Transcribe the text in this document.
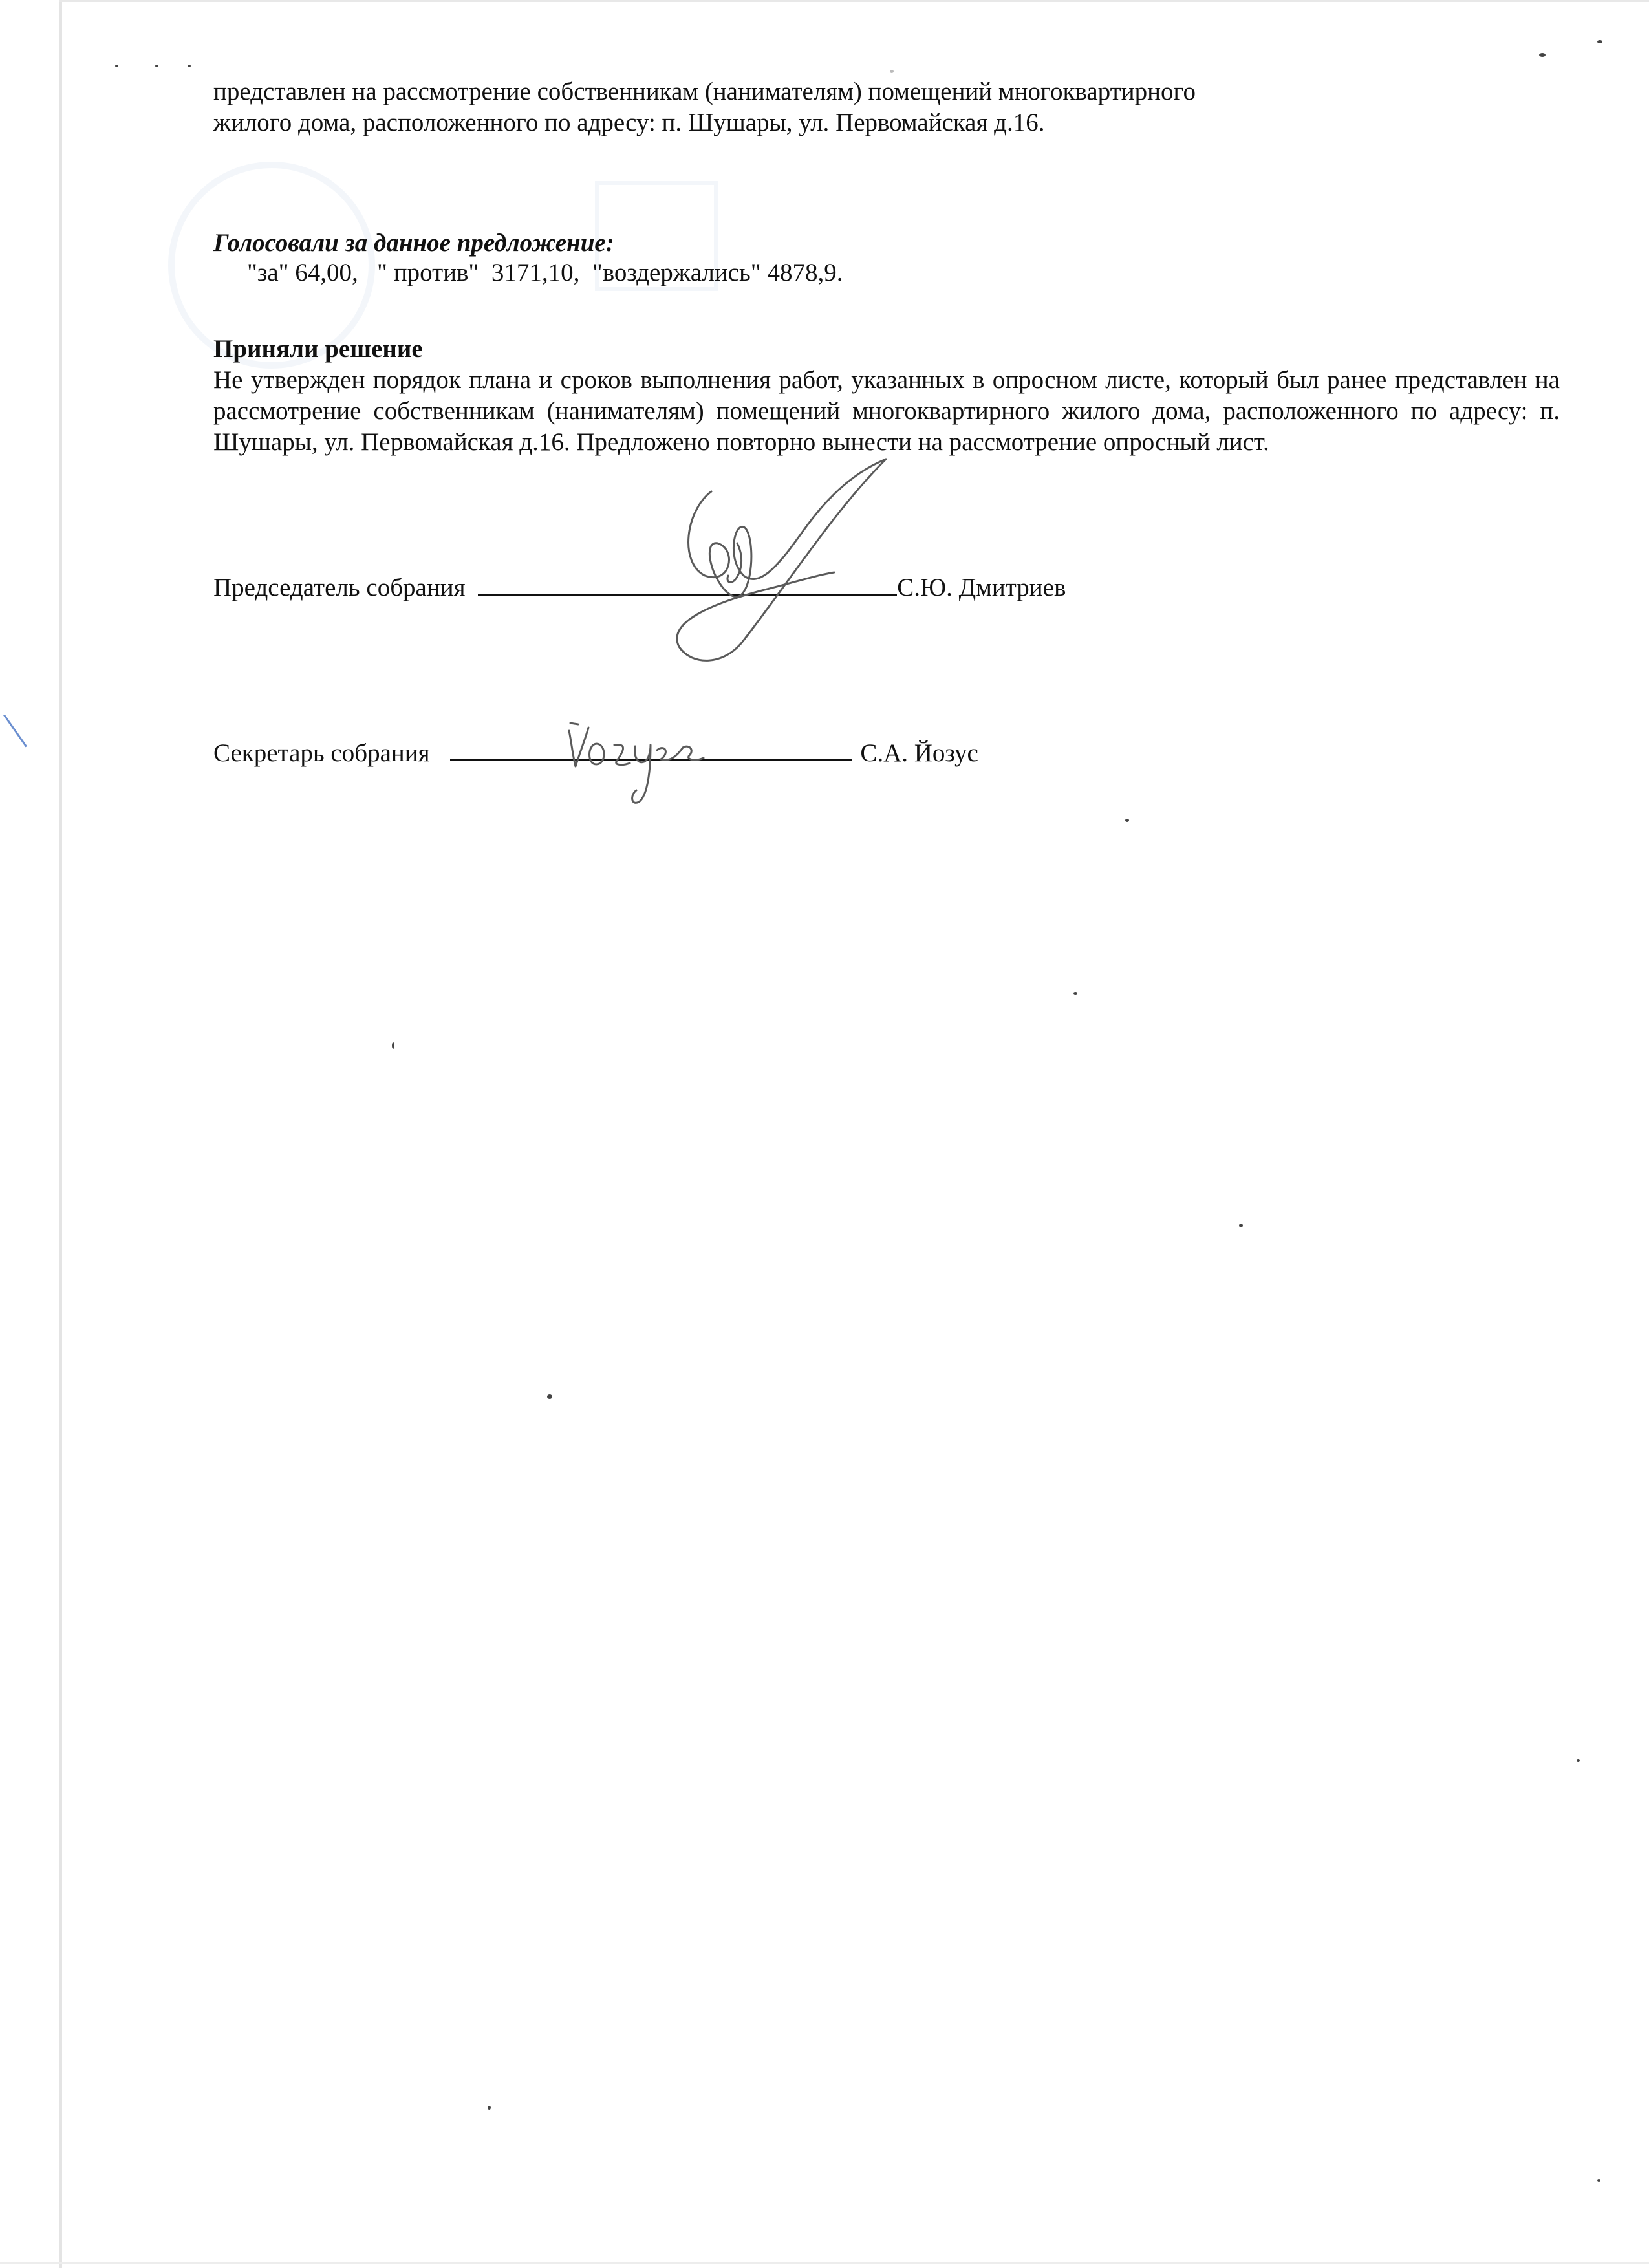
представлен на рассмотрение собственникам (нанимателям) помещений многоквартирного
жилого дома, расположенного по адресу: п. Шушары, ул. Первомайская д.16.
Голосовали за данное предложение:
"за" 64,00,   " против"  3171,10,  "воздержались" 4878,9.
Приняли решение
Не утвержден порядок плана и сроков выполнения работ, указанных в опросном листе, который был ранее представлен на рассмотрение собственникам (нанимателям) помещений многоквартирного жилого дома, расположенного по адресу: п. Шушары, ул. Первомайская д.16. Предложено повторно вынести на рассмотрение опросный лист.
Председатель собрания	С.Ю. Дмитриев
Секретарь собрания	С.А. Йозус
